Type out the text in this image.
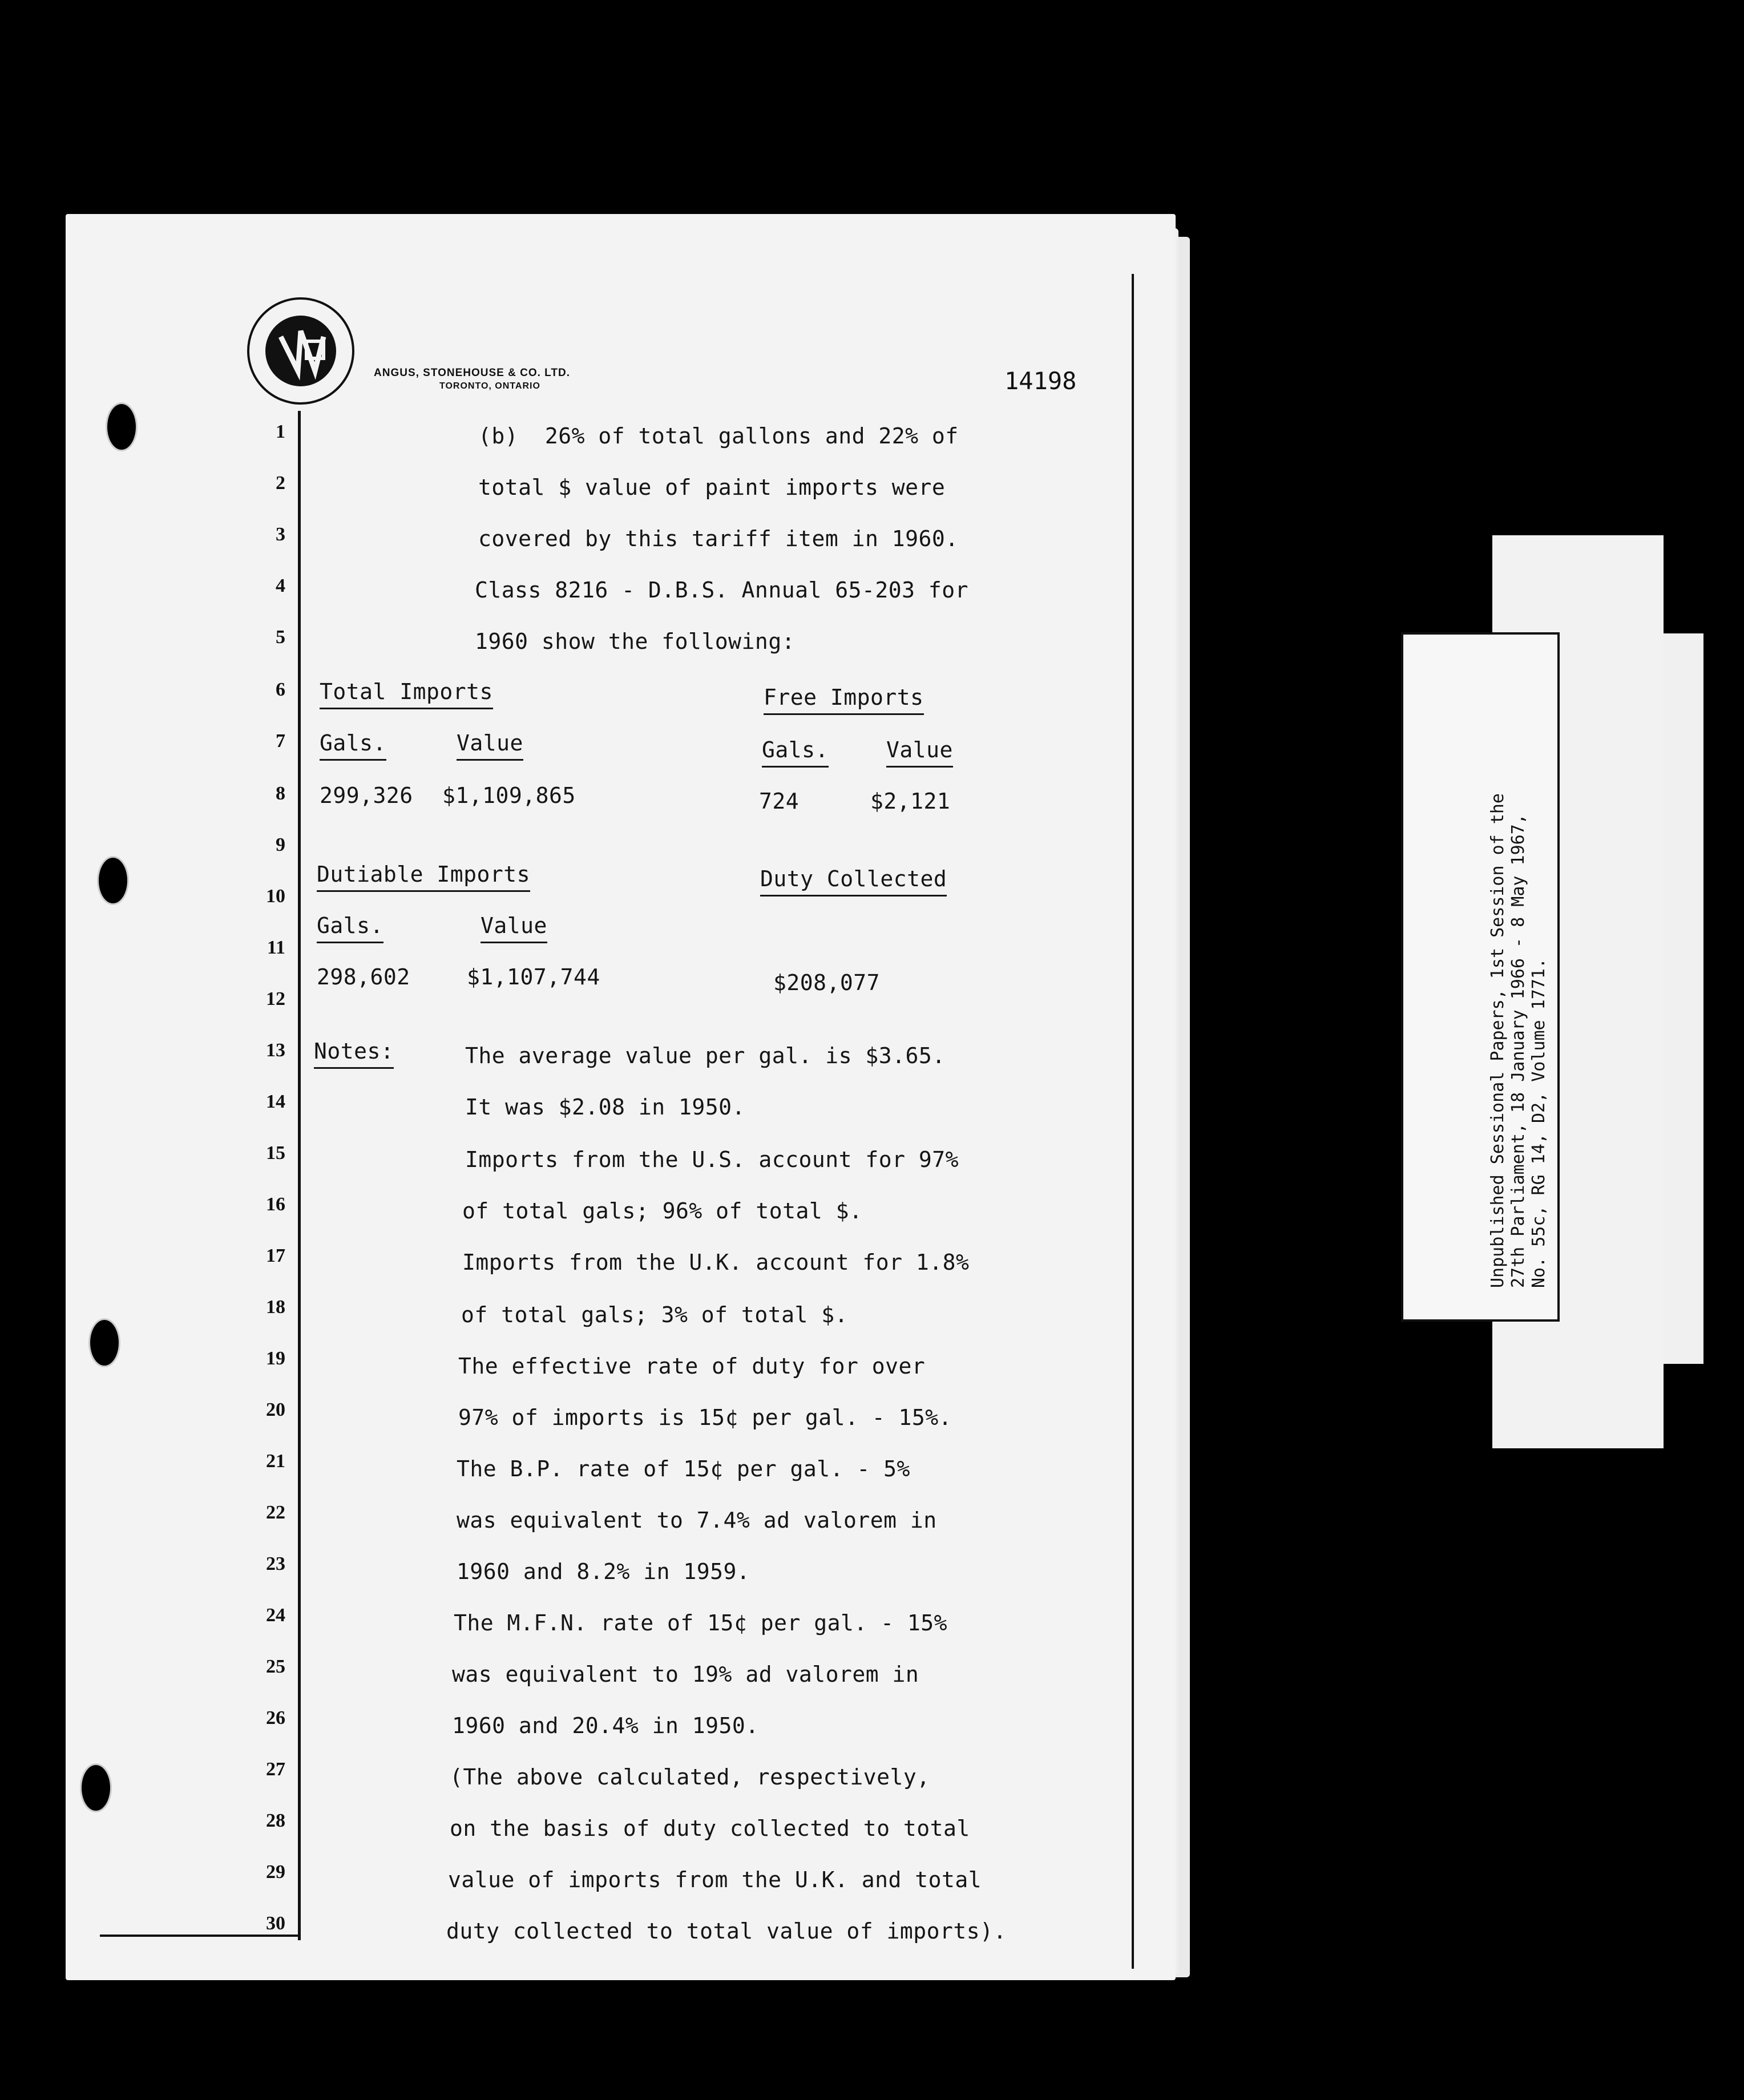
ANGUS, STONEHOUSE & CO. LTD.
TORONTO, ONTARIO	14198
1
2
3
4
5
6
7
8
9
10
11
12
13
14
15
16
17
18
19
20
21
22
23
24
25
26
27
28
29
30
(b)  26% of total gallons and 22% of
total $ value of paint imports were
covered by this tariff item in 1960.
Class 8216 - D.B.S. Annual 65-203 for
1960 show the following:
Total Imports	Free Imports
Gals.	Value	Gals.	Value
299,326 $1,109,865	724	$2,121
Dutiable Imports	Duty Collected
Gals.	Value
298,602	$1,107,744	$208,077
Notes:	The average value per gal. is $3.65.
It was $2.08 in 1950.
Imports from the U.S. account for 97%
of total gals; 96% of total $.
Imports from the U.K. account for 1.8%
of total gals; 3% of total $.
The effective rate of duty for over
97% of imports is 15¢ per gal. - 15%.
The B.P. rate of 15¢ per gal. - 5%
was equivalent to 7.4% ad valorem in
1960 and 8.2% in 1959.
The M.F.N. rate of 15¢ per gal. - 15%
was equivalent to 19% ad valorem in
1960 and 20.4% in 1950.
(The above calculated, respectively,
on the basis of duty collected to total
value of imports from the U.K. and total
duty collected to total value of imports).
Unpublished Sessional Papers, 1st Session of the 27th Parliament, 18 January 1966 - 8 May 1967, No. 55c, RG 14, D2, Volume 1771.
